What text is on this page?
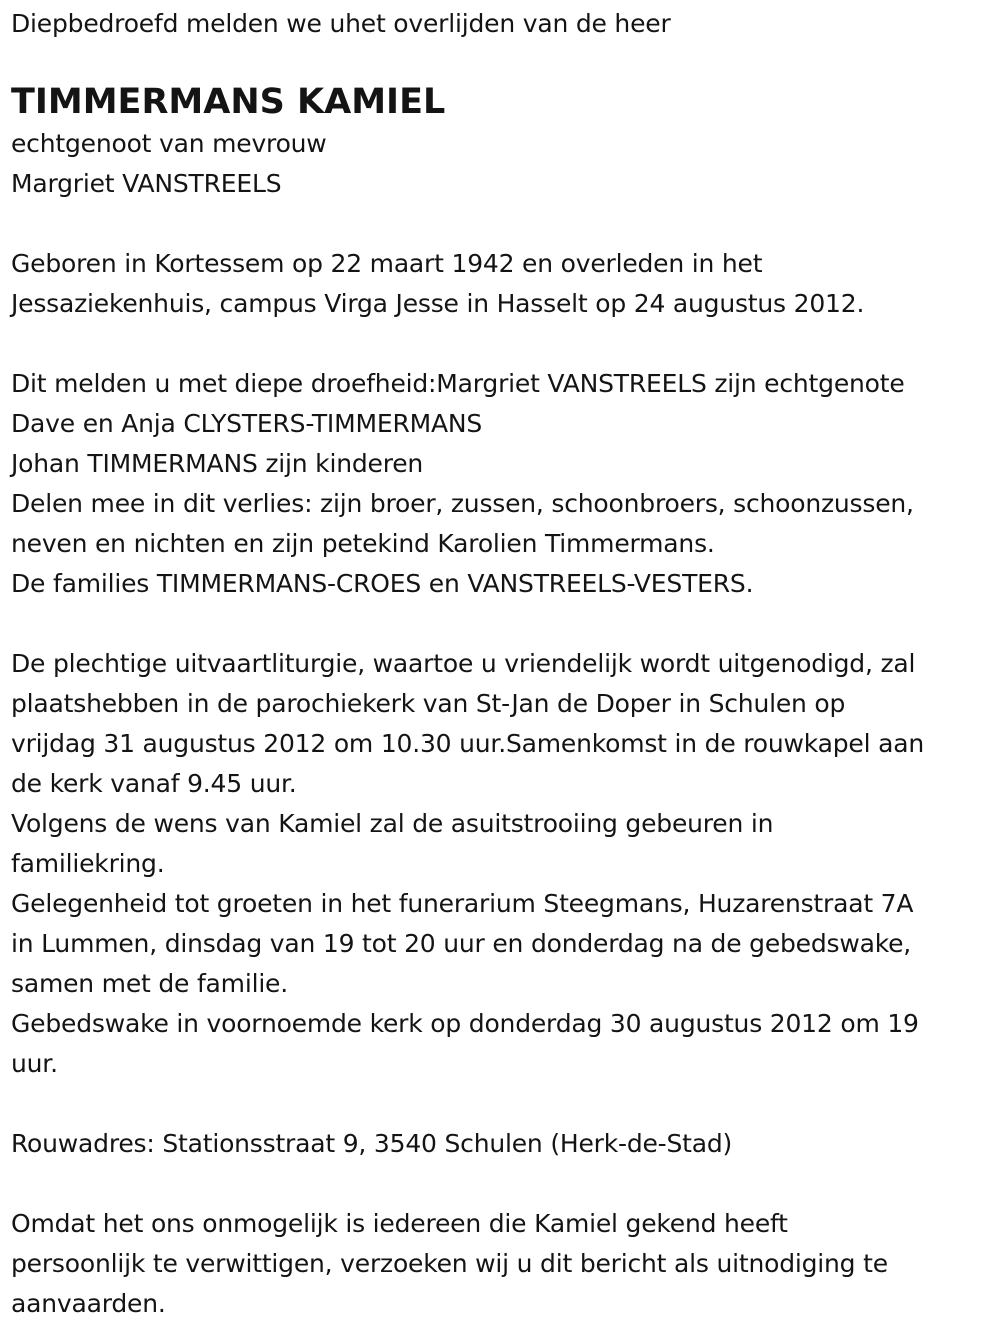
Diepbedroefd melden we uhet overlijden van de heer
TIMMERMANS KAMIEL
echtgenoot van mevrouw
Margriet VANSTREELS
Geboren in Kortessem op 22 maart 1942 en overleden in het
Jessaziekenhuis, campus Virga Jesse in Hasselt op 24 augustus 2012.
Dit melden u met diepe droefheid:Margriet VANSTREELS zijn echtgenote
Dave en Anja CLYSTERS-TIMMERMANS
Johan TIMMERMANS zijn kinderen
Delen mee in dit verlies: zijn broer, zussen, schoonbroers, schoonzussen,
neven en nichten en zijn petekind Karolien Timmermans.
De families TIMMERMANS-CROES en VANSTREELS-VESTERS.
De plechtige uitvaartliturgie, waartoe u vriendelijk wordt uitgenodigd, zal
plaatshebben in de parochiekerk van St-Jan de Doper in Schulen op
vrijdag 31 augustus 2012 om 10.30 uur.Samenkomst in de rouwkapel aan
de kerk vanaf 9.45 uur.
Volgens de wens van Kamiel zal de asuitstrooiing gebeuren in
familiekring.
Gelegenheid tot groeten in het funerarium Steegmans, Huzarenstraat 7A
in Lummen, dinsdag van 19 tot 20 uur en donderdag na de gebedswake,
samen met de familie.
Gebedswake in voornoemde kerk op donderdag 30 augustus 2012 om 19
uur.
Rouwadres: Stationsstraat 9, 3540 Schulen (Herk-de-Stad)
Omdat het ons onmogelijk is iedereen die Kamiel gekend heeft
persoonlijk te verwittigen, verzoeken wij u dit bericht als uitnodiging te
aanvaarden.
